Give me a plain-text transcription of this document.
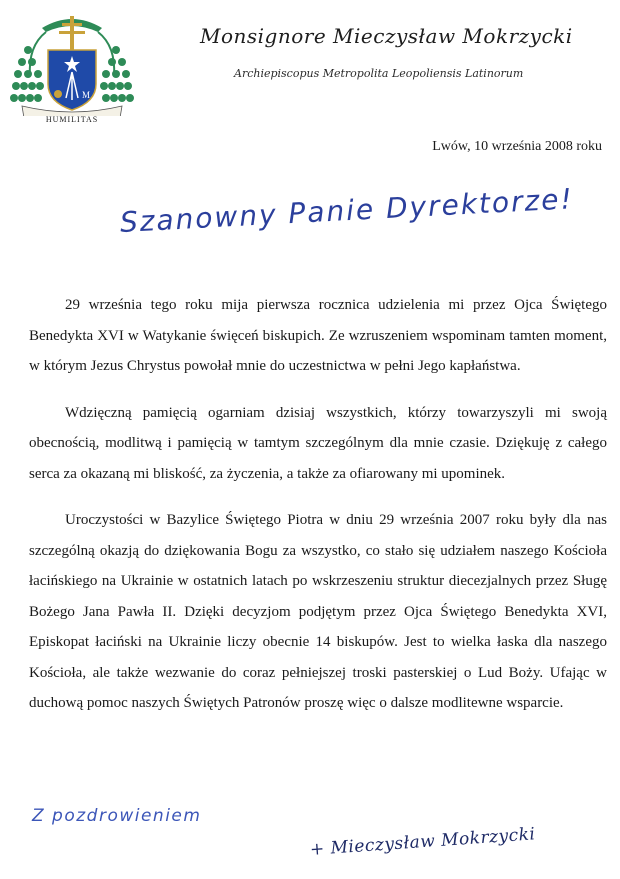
M
HUMILITAS
Monsignore Mieczysław Mokrzycki
Archiepiscopus Metropolita Leopoliensis Latinorum
Lwów, 10 września 2008 roku
Szanowny Panie Dyrektorze!

29 września tego roku mija pierwsza rocznica udzielenia mi przez Ojca Świętego Benedykta XVI w Watykanie święceń biskupich. Ze wzruszeniem wspominam tamten moment, w którym Jezus Chrystus powołał mnie do uczestnictwa w pełni Jego kapłaństwa.

Wdzięczną pamięcią ogarniam dzisiaj wszystkich, którzy towarzyszyli mi swoją obecnością, modlitwą i pamięcią w tamtym szczególnym dla mnie czasie. Dziękuję z całego serca za okazaną mi bliskość, za życzenia, a także za ofiarowany mi upominek.

Uroczystości w Bazylice Świętego Piotra w dniu 29 września 2007 roku były dla nas szczególną okazją do dziękowania Bogu za wszystko, co stało się udziałem naszego Kościoła łacińskiego na Ukrainie w ostatnich latach po wskrzeszeniu struktur diecezjalnych przez Sługę Bożego Jana Pawła II. Dzięki decyzjom podjętym przez Ojca Świętego Benedykta XVI, Episkopat łaciński na Ukrainie liczy obecnie 14 biskupów. Jest to wielka łaska dla naszego Kościoła, ale także wezwanie do coraz pełniejszej troski pasterskiej o Lud Boży. Ufając w duchową pomoc naszych Świętych Patronów proszę więc o dalsze modlitewne wsparcie.

Z pozdrowieniem
+ Mieczysław Mokrzycki
